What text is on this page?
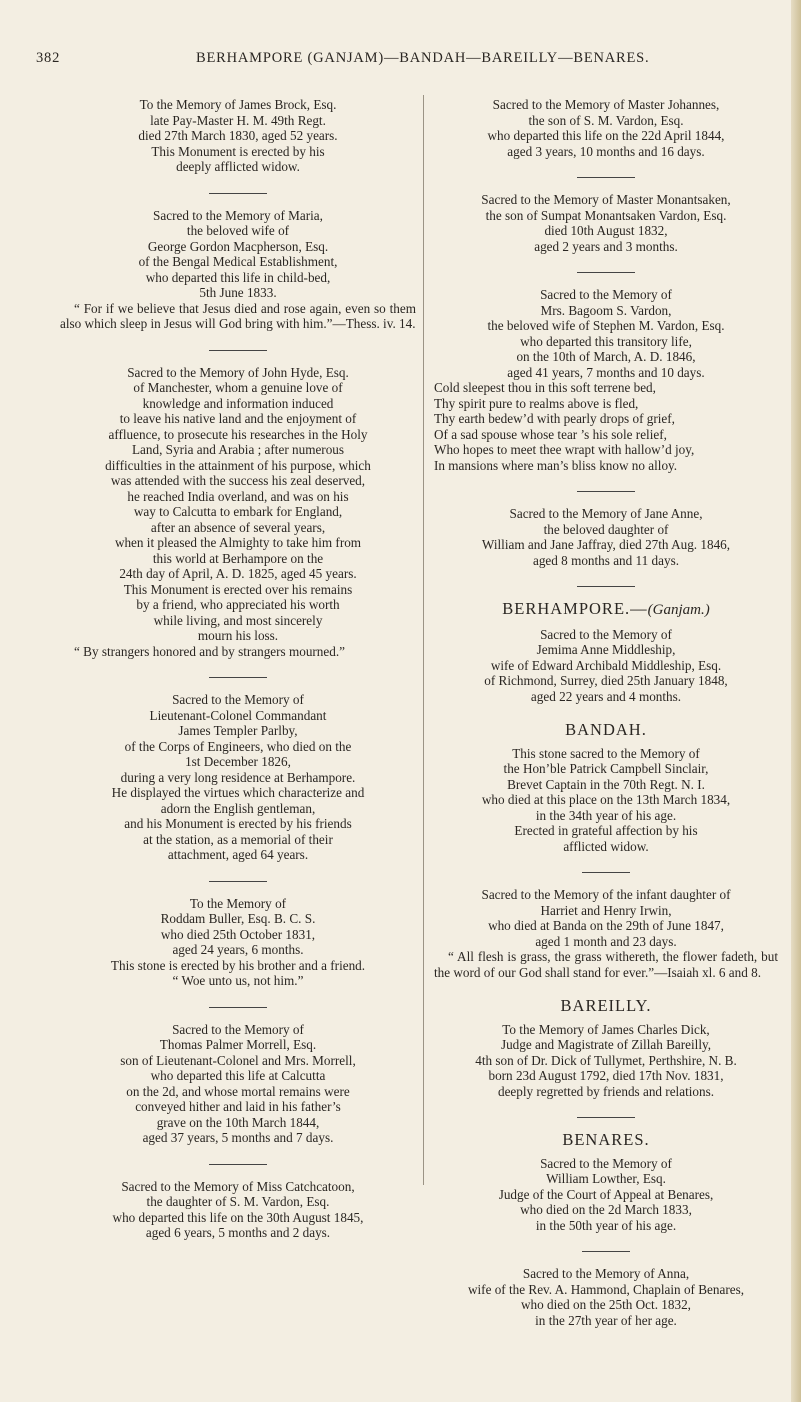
382	BERHAMPORE (GANJAM)—BANDAH—BAREILLY—BENARES.

To the Memory of James Brock, Esq.

late Pay-Master H. M. 49th Regt.

died 27th March 1830, aged 52 years.

This Monument is erected by his

deeply afflicted widow.

Sacred to the Memory of Maria,

the beloved wife of

George Gordon Macpherson, Esq.

of the Bengal Medical Establishment,

who departed this life in child-bed,

5th June 1833.

“ For if we believe that Jesus died and rose again, even so them also which sleep in Jesus will God bring with him.”—Thess. iv. 14.

Sacred to the Memory of John Hyde, Esq.

of Manchester, whom a genuine love of

knowledge and information induced

to leave his native land and the enjoyment of

affluence, to prosecute his researches in the Holy

Land, Syria and Arabia ; after numerous

difficulties in the attainment of his purpose, which

was attended with the success his zeal deserved,

he reached India overland, and was on his

way to Calcutta to embark for England,

after an absence of several years,

when it pleased the Almighty to take him from

this world at Berhampore on the

24th day of April, A. D. 1825, aged 45 years.

This Monument is erected over his remains

by a friend, who appreciated his worth

while living, and most sincerely

mourn his loss.

“ By strangers honored and by strangers mourned.”

Sacred to the Memory of

Lieutenant-Colonel Commandant

James Templer Parlby,

of the Corps of Engineers, who died on the

1st December 1826,

during a very long residence at Berhampore.

He displayed the virtues which characterize and

adorn the English gentleman,

and his Monument is erected by his friends

at the station, as a memorial of their

attachment, aged 64 years.

To the Memory of

Roddam Buller, Esq. B. C. S.

who died 25th October 1831,

aged 24 years, 6 months.

This stone is erected by his brother and a friend.

“ Woe unto us, not him.”

Sacred to the Memory of

Thomas Palmer Morrell, Esq.

son of Lieutenant-Colonel and Mrs. Morrell,

who departed this life at Calcutta

on the 2d, and whose mortal remains were

conveyed hither and laid in his father’s

grave on the 10th March 1844,

aged 37 years, 5 months and 7 days.

Sacred to the Memory of Miss Catchcatoon,

the daughter of S. M. Vardon, Esq.

who departed this life on the 30th August 1845,

aged 6 years, 5 months and 2 days.

Sacred to the Memory of Master Johannes,

the son of S. M. Vardon, Esq.

who departed this life on the 22d April 1844,

aged 3 years, 10 months and 16 days.

Sacred to the Memory of Master Monantsaken,

the son of Sumpat Monantsaken Vardon, Esq.

died 10th August 1832,

aged 2 years and 3 months.

Sacred to the Memory of

Mrs. Bagoom S. Vardon,

the beloved wife of Stephen M. Vardon, Esq.

who departed this transitory life,

on the 10th of March, A. D. 1846,

aged 41 years, 7 months and 10 days.

Cold sleepest thou in this soft terrene bed,

Thy spirit pure to realms above is fled,

Thy earth bedew’d with pearly drops of grief,

Of a sad spouse whose tear ’s his sole relief,

Who hopes to meet thee wrapt with hallow’d joy,

In mansions where man’s bliss know no alloy.

Sacred to the Memory of Jane Anne,

the beloved daughter of

William and Jane Jaffray, died 27th Aug. 1846,

aged 8 months and 11 days.

BERHAMPORE.—(Ganjam.)

Sacred to the Memory of

Jemima Anne Middleship,

wife of Edward Archibald Middleship, Esq.

of Richmond, Surrey, died 25th January 1848,

aged 22 years and 4 months.

BANDAH.

This stone sacred to the Memory of

the Hon’ble Patrick Campbell Sinclair,

Brevet Captain in the 70th Regt. N. I.

who died at this place on the 13th March 1834,

in the 34th year of his age.

Erected in grateful affection by his

afflicted widow.

Sacred to the Memory of the infant daughter of

Harriet and Henry Irwin,

who died at Banda on the 29th of June 1847,

aged 1 month and 23 days.

“ All flesh is grass, the grass withereth, the flower fadeth, but the word of our God shall stand for ever.”—Isaiah xl. 6 and 8.

BAREILLY.

To the Memory of James Charles Dick,

Judge and Magistrate of Zillah Bareilly,

4th son of Dr. Dick of Tullymet, Perthshire, N. B.

born 23d August 1792, died 17th Nov. 1831,

deeply regretted by friends and relations.

BENARES.

Sacred to the Memory of

William Lowther, Esq.

Judge of the Court of Appeal at Benares,

who died on the 2d March 1833,

in the 50th year of his age.

Sacred to the Memory of Anna,

wife of the Rev. A. Hammond, Chaplain of Benares,

who died on the 25th Oct. 1832,

in the 27th year of her age.
